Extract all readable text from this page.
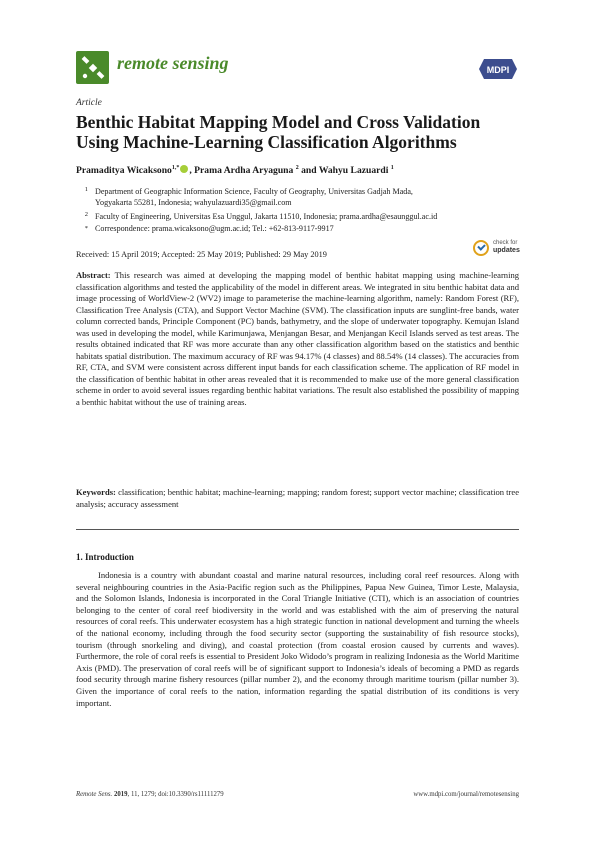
remote sensing	MDPI
Article
Benthic Habitat Mapping Model and Cross Validation Using Machine-Learning Classification Algorithms
Pramaditya Wicaksono$^{1,*}$ , Prama Ardha Aryaguna $^2$ and Wahyu Lazuardi $^1$
1 Department of Geographic Information Science, Faculty of Geography, Universitas Gadjah Mada,
Yogyakarta 55281, Indonesia; wahyulazuardi35@gmail.com
2 Faculty of Engineering, Universitas Esa Unggul, Jakarta 11510, Indonesia; prama.ardha@esaunggul.ac.id
* Correspondence: prama.wicaksono@ugm.ac.id; Tel.: +62-813-9117-9917
Received: 15 April 2019; Accepted: 25 May 2019; Published: 29 May 2019
check for
updates
Abstract: This research was aimed at developing the mapping model of benthic habitat mapping using machine-learning classification algorithms and tested the applicability of the model in different areas. We integrated in situ benthic habitat data and image processing of WorldView-2 (WV2) image to parameterise the machine-learning algorithm, namely: Random Forest (RF), Classification Tree Analysis (CTA), and Support Vector Machine (SVM). The classification inputs are sunglint-free bands, water column corrected bands, Principle Component (PC) bands, bathymetry, and the slope of underwater topography. Kemujan Island was used in developing the model, while Karimunjawa, Menjangan Besar, and Menjangan Kecil Islands served as test areas. The results obtained indicated that RF was more accurate than any other classification algorithm based on the statistics and benthic habitats spatial distribution. The maximum accuracy of RF was 94.17% (4 classes) and 88.54% (14 classes). The accuracies from RF, CTA, and SVM were consistent across different input bands for each classification scheme. The application of RF model in the classification of benthic habitat in other areas revealed that it is recommended to make use of the more general classification scheme in order to avoid several issues regarding benthic habitat variations. The result also established the possibility of mapping a benthic habitat without the use of training areas.
Keywords: classification; benthic habitat; machine-learning; mapping; random forest; support vector machine; classification tree analysis; accuracy assessment
1. Introduction
Indonesia is a country with abundant coastal and marine natural resources, including coral reef resources. Along with several neighbouring countries in the Asia-Pacific region such as the Philippines, Papua New Guinea, Timor Leste, Malaysia, and the Solomon Islands, Indonesia is incorporated in the Coral Triangle Initiative (CTI), which is an association of countries belonging to the center of coral reef biodiversity in the world and was established with the aim of preserving the natural resources of coral reefs. This underwater ecosystem has a high strategic function in national development and turning the wheels of the national economy, including through the food security sector (supporting the sustainability of fish resource stocks), tourism (through snorkeling and diving), and coastal protection (from coastal erosion caused by currents and waves). Furthermore, the role of coral reefs is essential to President Joko Widodo’s program in realizing Indonesia as the World Maritime Axis (PMD). The preservation of coral reefs will be of significant support to Indonesia’s ideals of becoming a PMD as regards food security through marine fishery resources (pillar number 2), and the economy through maritime tourism (pillar number 3). Given the importance of coral reefs to the nation, information regarding the spatial distribution of its conditions is very important.
Remote Sens. 2019, 11, 1279; doi:10.3390/rs11111279	www.mdpi.com/journal/remotesensing
